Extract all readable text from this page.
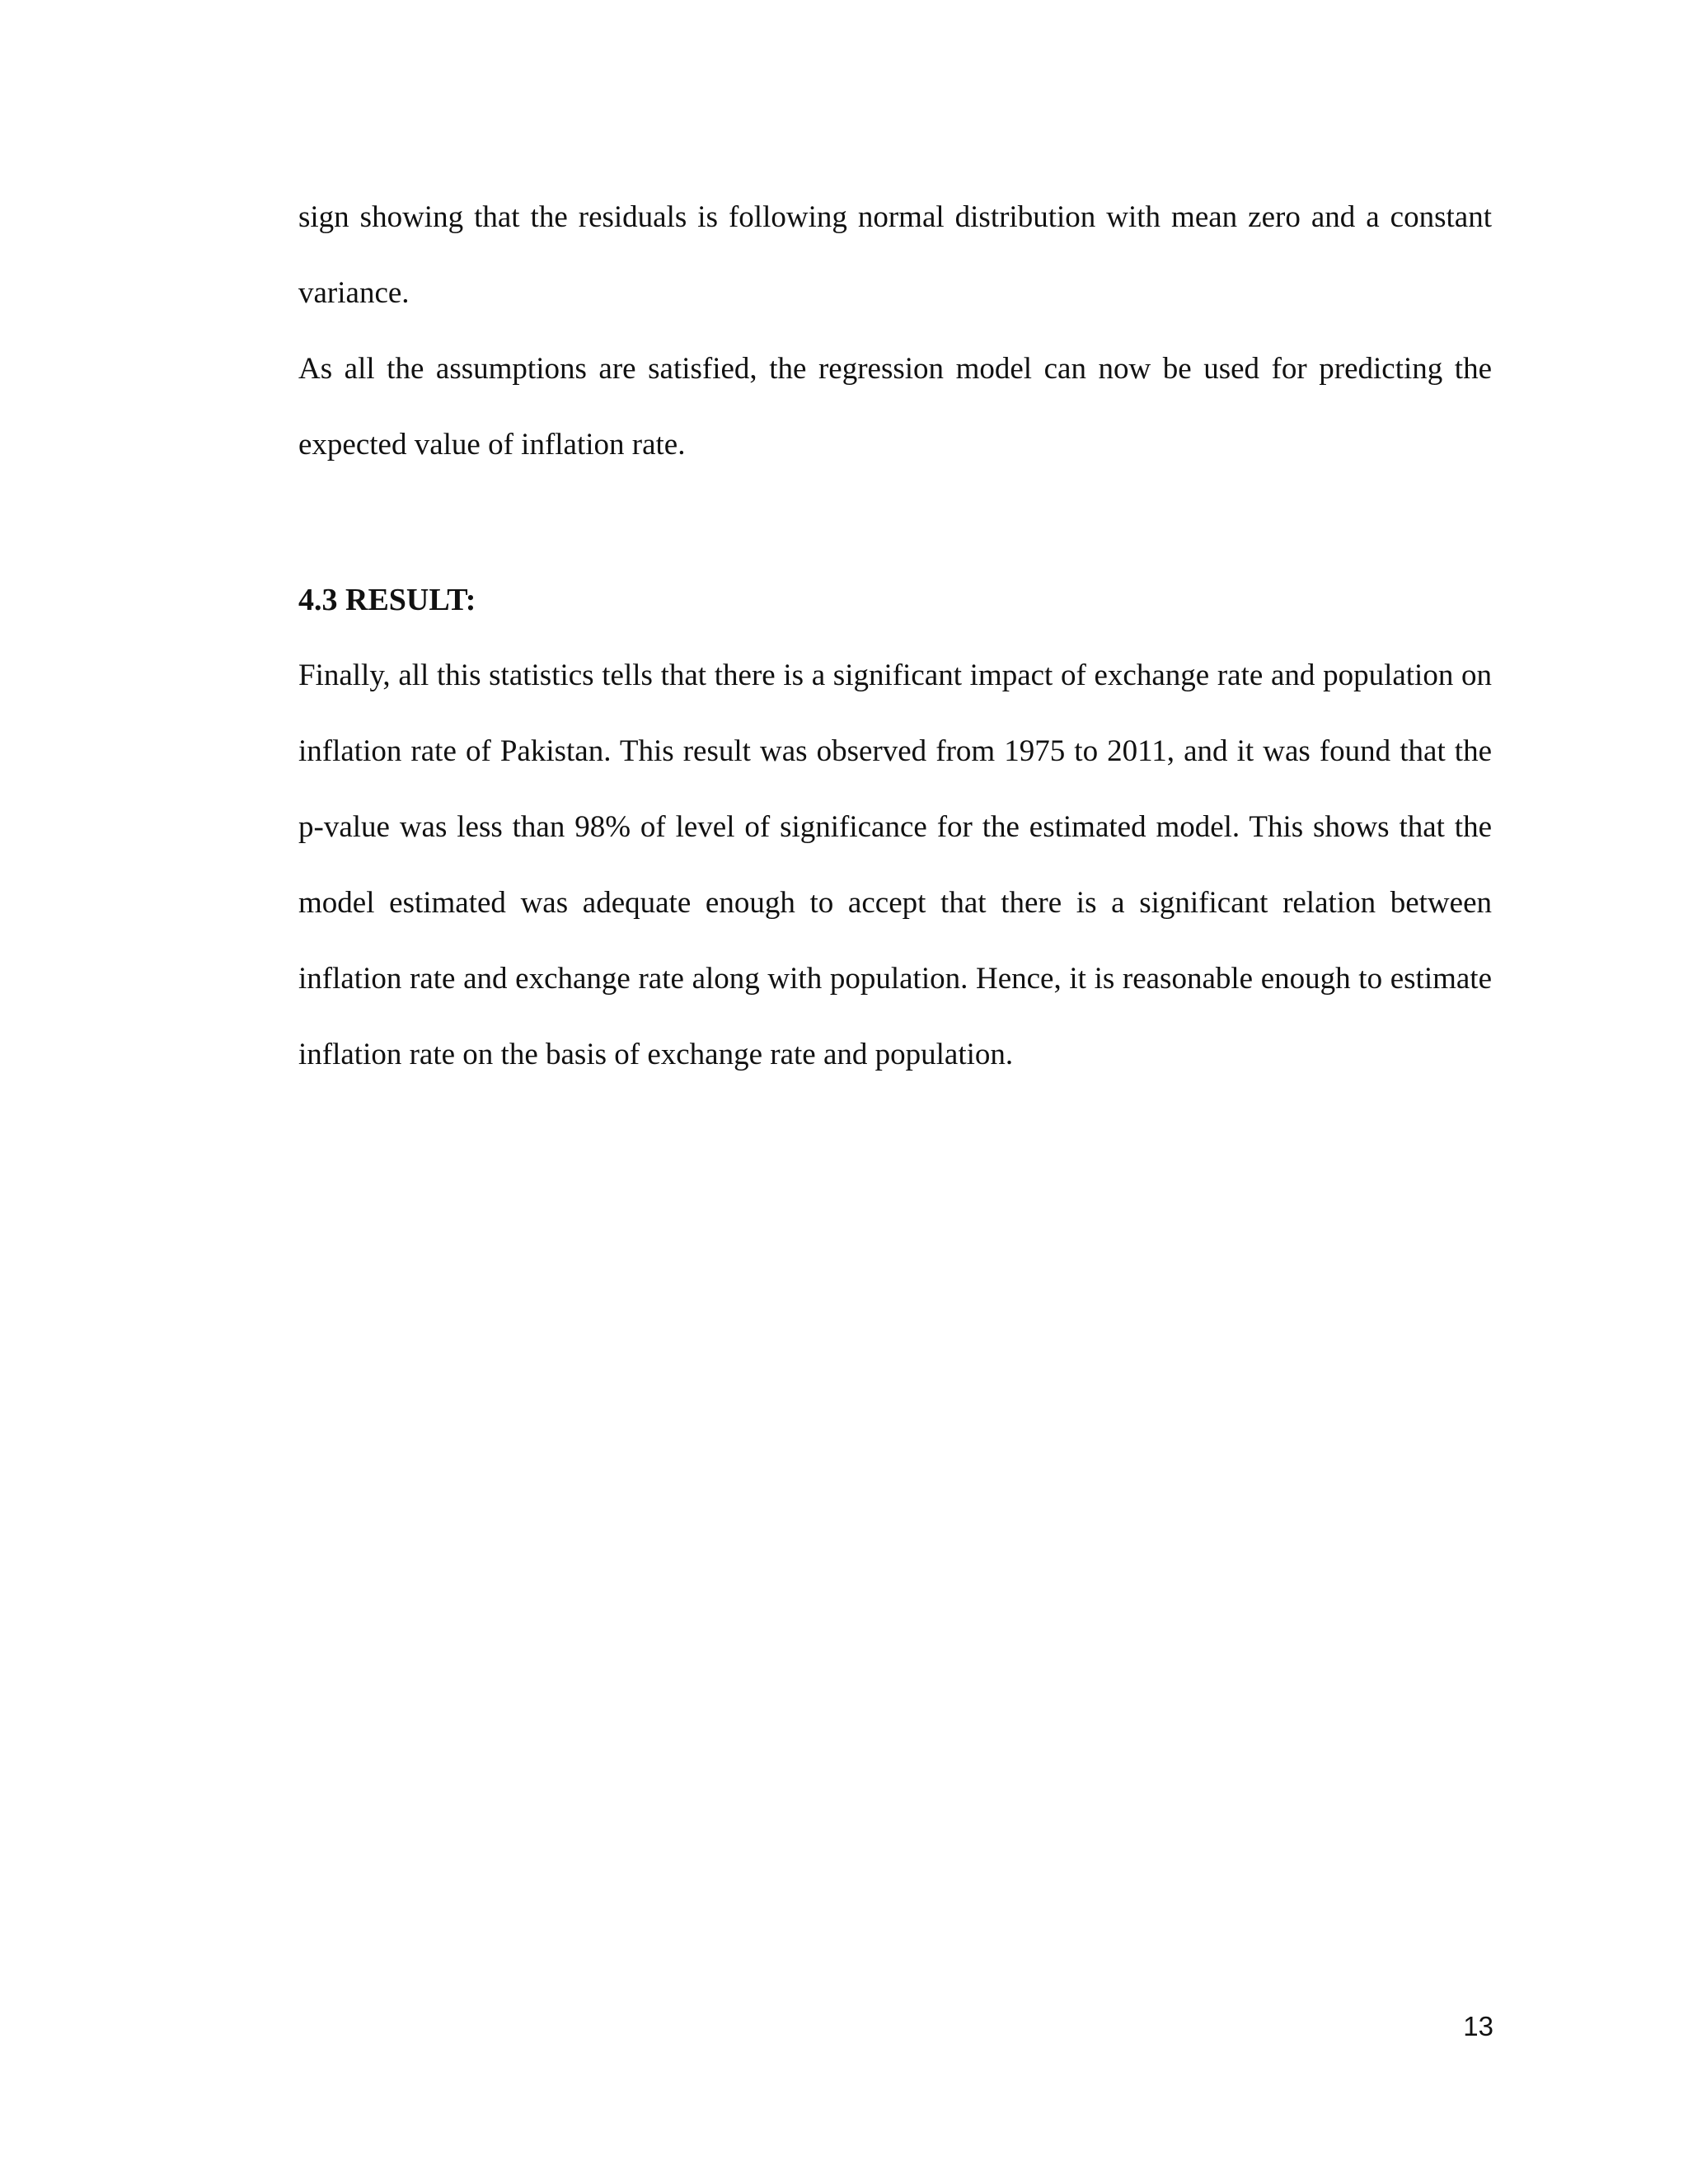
sign showing that the residuals is following normal distribution with mean zero and a constant variance.

As all the assumptions are satisfied, the regression model can now be used for predicting the expected value of inflation rate.

4.3 RESULT:

Finally, all this statistics tells that there is a significant impact of exchange rate and population on inflation rate of Pakistan. This result was observed from 1975 to 2011, and it was found that the p-value was less than 98% of level of significance for the estimated model. This shows that the model estimated was adequate enough to accept that there is a significant relation between inflation rate and exchange rate along with population. Hence, it is reasonable enough to estimate inflation rate on the basis of exchange rate and population.

13
